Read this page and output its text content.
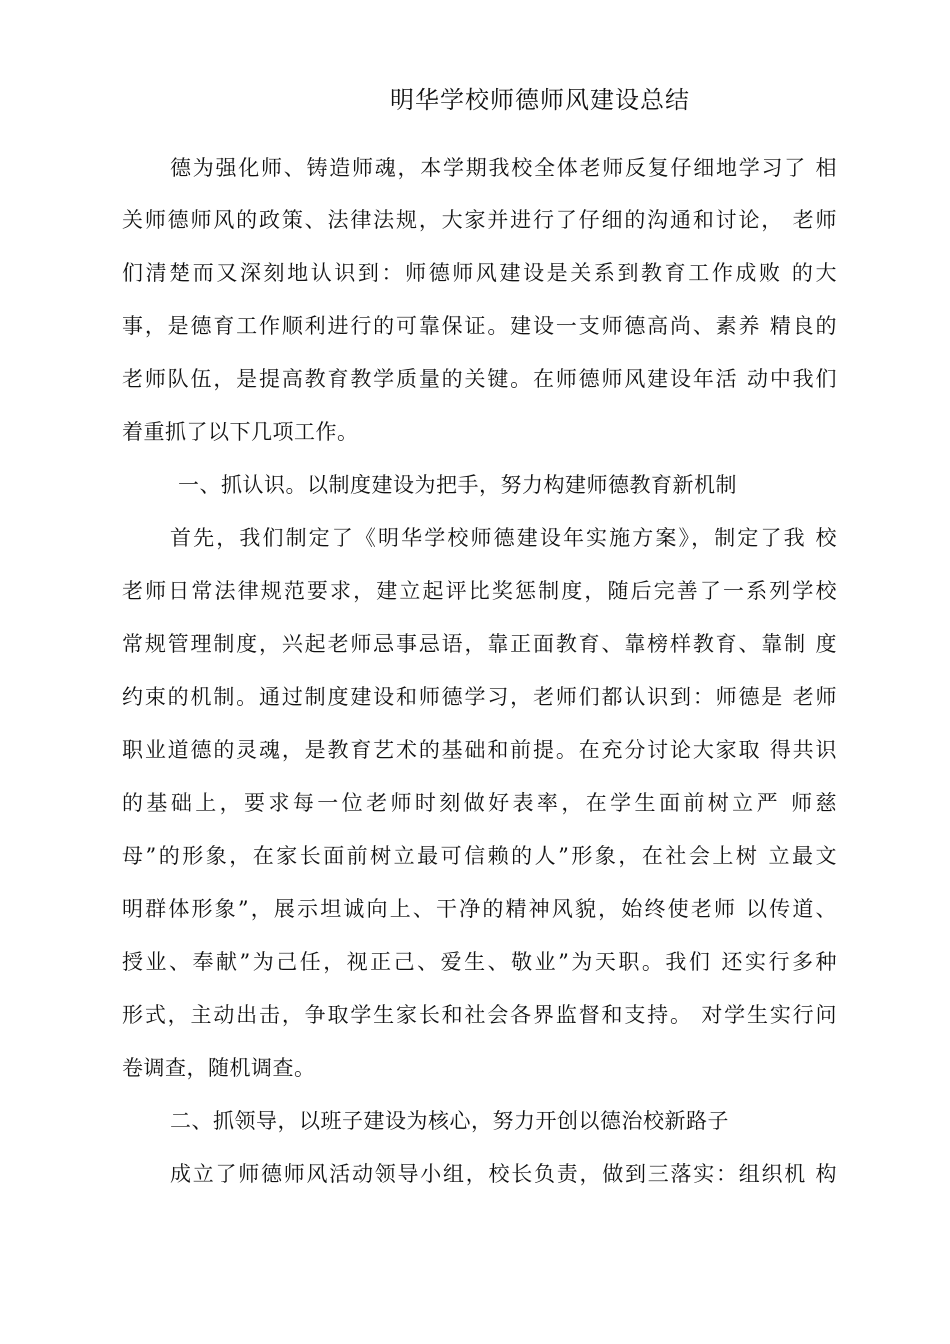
明华学校师德师风建设总结
德为强化师、铸造师魂，本学期我校全体老师反复仔细地学习了 相
关师德师风的政策、法律法规，大家并进行了仔细的沟通和讨论， 老师
们清楚而又深刻地认识到：师德师风建设是关系到教育工作成败 的大
事，是德育工作顺利进行的可靠保证。建设一支师德高尚、素养 精良的
老师队伍，是提高教育教学质量的关键。在师德师风建设年活 动中我们
着重抓了以下几项工作。
一、抓认识。以制度建设为把手，努力构建师德教育新机制
首先，我们制定了《明华学校师德建设年实施方案》，制定了我 校
老师日常法律规范要求，建立起评比奖惩制度，随后完善了一系列学校
常规管理制度，兴起老师忌事忌语，靠正面教育、靠榜样教育、靠制 度
约束的机制。通过制度建设和师德学习，老师们都认识到：师德是 老师
职业道德的灵魂，是教育艺术的基础和前提。在充分讨论大家取 得共识
的基础上，要求每一位老师时刻做好表率，在学生面前树立严 师慈
母”的形象，在家长面前树立最可信赖的人”形象，在社会上树 立最文
明群体形象”，展示坦诚向上、干净的精神风貌，始终使老师 以传道、
授业、奉献”为己任，视正己、爱生、敬业”为天职。我们 还实行多种
形式，主动出击，争取学生家长和社会各界监督和支持。 对学生实行问
卷调查，随机调查。
二、抓领导，以班子建设为核心，努力开创以德治校新路子
成立了师德师风活动领导小组，校长负责，做到三落实：组织机 构
